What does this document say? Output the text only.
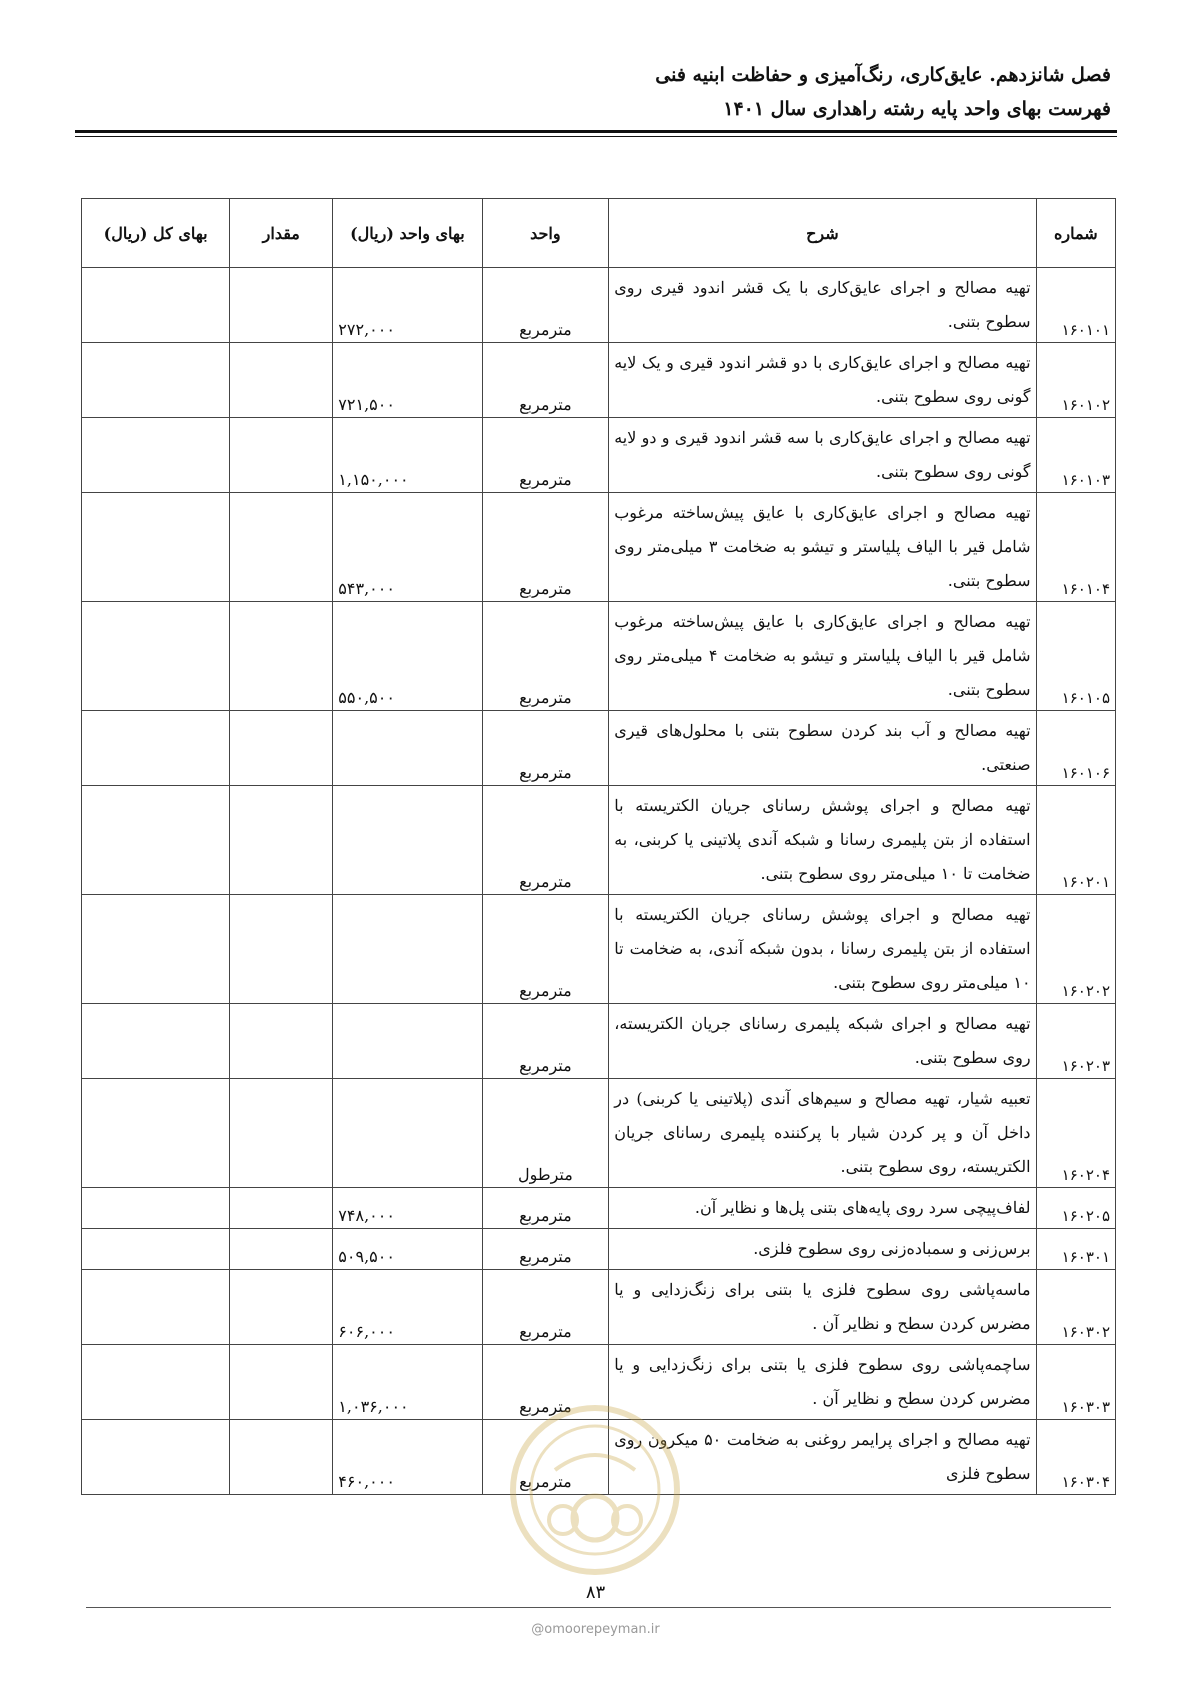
فصل شانزدهم. عایق‌کاری، رنگ‌آمیزی و حفاظت ابنیه فنی
فهرست بهای واحد پایه رشته راهداری سال ۱۴۰۱
شماره	شرح	واحد	بهای واحد (ریال)	مقدار	بهای کل (ریال)
۱۶۰۱۰۱	تهیه مصالح و اجرای عایق‌کاری با یک قشر اندود قیری روی سطوح بتنی.	مترمربع	۲۷۲,۰۰۰		
۱۶۰۱۰۲	تهیه مصالح و اجرای عایق‌کاری با دو قشر اندود قیری و یک لایه گونی روی سطوح بتنی.	مترمربع	۷۲۱,۵۰۰		
۱۶۰۱۰۳	تهیه مصالح و اجرای عایق‌کاری با سه قشر اندود قیری و دو لایه گونی روی سطوح بتنی.	مترمربع	۱,۱۵۰,۰۰۰		
۱۶۰۱۰۴	تهیه مصالح و اجرای عایق‌کاری با عایق پیش‌ساخته مرغوب شامل قیر با الیاف پلیاستر و تیشو به ضخامت ۳ میلی‌متر روی سطوح بتنی.	مترمربع	۵۴۳,۰۰۰		
۱۶۰۱۰۵	تهیه مصالح و اجرای عایق‌کاری با عایق پیش‌ساخته مرغوب شامل قیر با الیاف پلیاستر و تیشو به ضخامت ۴ میلی‌متر روی سطوح بتنی.	مترمربع	۵۵۰,۵۰۰		
۱۶۰۱۰۶	تهیه مصالح و آب بند کردن سطوح بتنی با محلول‌های قیری صنعتی.	مترمربع			
۱۶۰۲۰۱	تهیه مصالح و اجرای پوشش رسانای جریان الکتریسته با استفاده از بتن پلیمری رسانا و شبکه آندی پلاتینی یا کربنی، به ضخامت تا ۱۰ میلی‌متر روی سطوح بتنی.	مترمربع			
۱۶۰۲۰۲	تهیه مصالح و اجرای پوشش رسانای جریان الکتریسته با استفاده از بتن پلیمری رسانا ، بدون شبکه آندی، به ضخامت تا ۱۰ میلی‌متر روی سطوح بتنی.	مترمربع			
۱۶۰۲۰۳	تهیه مصالح و اجرای شبکه پلیمری رسانای جریان الکتریسته، روی سطوح بتنی.	مترمربع			
۱۶۰۲۰۴	تعبیه شیار، تهیه مصالح و سیم‌های آندی (پلاتینی یا کربنی) در داخل آن و پر کردن شیار با پرکننده پلیمری رسانای جریان الکتریسته، روی سطوح بتنی.	مترطول			
۱۶۰۲۰۵	لفاف‌پیچی سرد روی پایه‌های بتنی پل‌ها و نظایر آن.	مترمربع	۷۴۸,۰۰۰		
۱۶۰۳۰۱	برس‌زنی و سمباده‌زنی روی سطوح فلزی.	مترمربع	۵۰۹,۵۰۰		
۱۶۰۳۰۲	ماسه‌پاشی روی سطوح فلزی یا بتنی برای زنگ‌زدایی و یا مضرس کردن سطح و نظایر آن .	مترمربع	۶۰۶,۰۰۰		
۱۶۰۳۰۳	ساچمه‌پاشی روی سطوح فلزی یا بتنی برای زنگ‌زدایی و یا مضرس کردن سطح و نظایر آن .	مترمربع	۱,۰۳۶,۰۰۰		
۱۶۰۳۰۴	تهیه مصالح و اجرای پرایمر روغنی به ضخامت ۵۰ میکرون روی سطوح فلزی	مترمربع	۴۶۰,۰۰۰		
۸۳
@omoorepeyman.ir
